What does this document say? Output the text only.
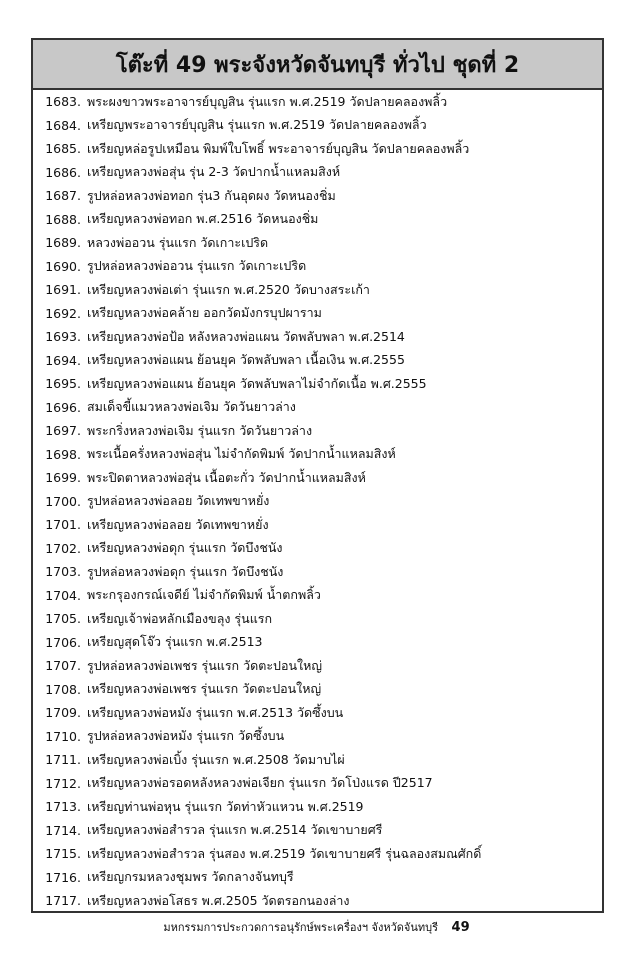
โต๊ะที่ 49 พระจังหวัดจันทบุรี ทั่วไป ชุดที่ 2
1683. พระผงขาวพระอาจารย์บุญสิน รุ่นแรก พ.ศ.2519 วัดปลายคลองพลิ้ว
1684. เหรียญพระอาจารย์บุญสิน รุ่นแรก พ.ศ.2519 วัดปลายคลองพลิ้ว
1685. เหรียญหล่อรูปเหมือน พิมพ์ใบโพธิ์ พระอาจารย์บุญสิน วัดปลายคลองพลิ้ว
1686. เหรียญหลวงพ่อสุ่น รุ่น 2-3 วัดปากน้ำแหลมสิงห์
1687. รูปหล่อหลวงพ่อทอก รุ่น3 กันอุดผง วัดหนองชิ่ม
1688. เหรียญหลวงพ่อทอก พ.ศ.2516 วัดหนองชิ่ม
1689. หลวงพ่ออวน รุ่นแรก วัดเกาะเปริด
1690. รูปหล่อหลวงพ่ออวน รุ่นแรก วัดเกาะเปริด
1691. เหรียญหลวงพ่อเต่า รุ่นแรก พ.ศ.2520 วัดบางสระเก้า
1692. เหรียญหลวงพ่อคล้าย ออกวัดมังกรบุปผาราม
1693. เหรียญหลวงพ่อป้อ หลังหลวงพ่อแผน วัดพลับพลา พ.ศ.2514
1694. เหรียญหลวงพ่อแผน ย้อนยุค วัดพลับพลา เนื้อเงิน พ.ศ.2555
1695. เหรียญหลวงพ่อแผน ย้อนยุค วัดพลับพลาไม่จำกัดเนื้อ พ.ศ.2555
1696. สมเด็จขี้แมวหลวงพ่อเจิม วัดวันยาวล่าง
1697. พระกริ่งหลวงพ่อเจิม รุ่นแรก วัดวันยาวล่าง
1698. พระเนื้อครั่งหลวงพ่อสุ่น ไม่จำกัดพิมพ์ วัดปากน้ำแหลมสิงห์
1699. พระปิดตาหลวงพ่อสุ่น เนื้อตะกั่ว วัดปากน้ำแหลมสิงห์
1700. รูปหล่อหลวงพ่อลอย วัดเทพขาหยั่ง
1701. เหรียญหลวงพ่อลอย วัดเทพขาหยั่ง
1702. เหรียญหลวงพ่อดุก รุ่นแรก วัดบึงชนัง
1703. รูปหล่อหลวงพ่อดุก รุ่นแรก วัดบึงชนัง
1704. พระกรุองกรณ์เจดีย์ ไม่จำกัดพิมพ์ น้ำตกพลิ้ว
1705. เหรียญเจ้าพ่อหลักเมืองขลุง รุ่นแรก
1706. เหรียญสุดโจ๊ว รุ่นแรก พ.ศ.2513
1707. รูปหล่อหลวงพ่อเพชร รุ่นแรก วัดตะปอนใหญ่
1708. เหรียญหลวงพ่อเพชร รุ่นแรก วัดตะปอนใหญ่
1709. เหรียญหลวงพ่อหมัง รุ่นแรก พ.ศ.2513 วัดซึ้งบน
1710. รูปหล่อหลวงพ่อหมัง รุ่นแรก วัดซึ้งบน
1711. เหรียญหลวงพ่อเบิ้ง รุ่นแรก พ.ศ.2508 วัดมาบไผ่
1712. เหรียญหลวงพ่อรอดหลังหลวงพ่อเจียก รุ่นแรก วัดโป่งแรด ปี2517
1713. เหรียญท่านพ่อหุน รุ่นแรก วัดท่าหัวแหวน พ.ศ.2519
1714. เหรียญหลวงพ่อสำรวล รุ่นแรก พ.ศ.2514 วัดเขาบายศรี
1715. เหรียญหลวงพ่อสำรวล รุ่นสอง พ.ศ.2519 วัดเขาบายศรี รุ่นฉลองสมณศักดิ์
1716. เหรียญกรมหลวงชุมพร วัดกลางจันทบุรี
1717. เหรียญหลวงพ่อโสธร พ.ศ.2505 วัดตรอกนองล่าง
มหกรรมการประกวดการอนุรักษ์พระเครื่องฯ จังหวัดจันทบุรี 49
